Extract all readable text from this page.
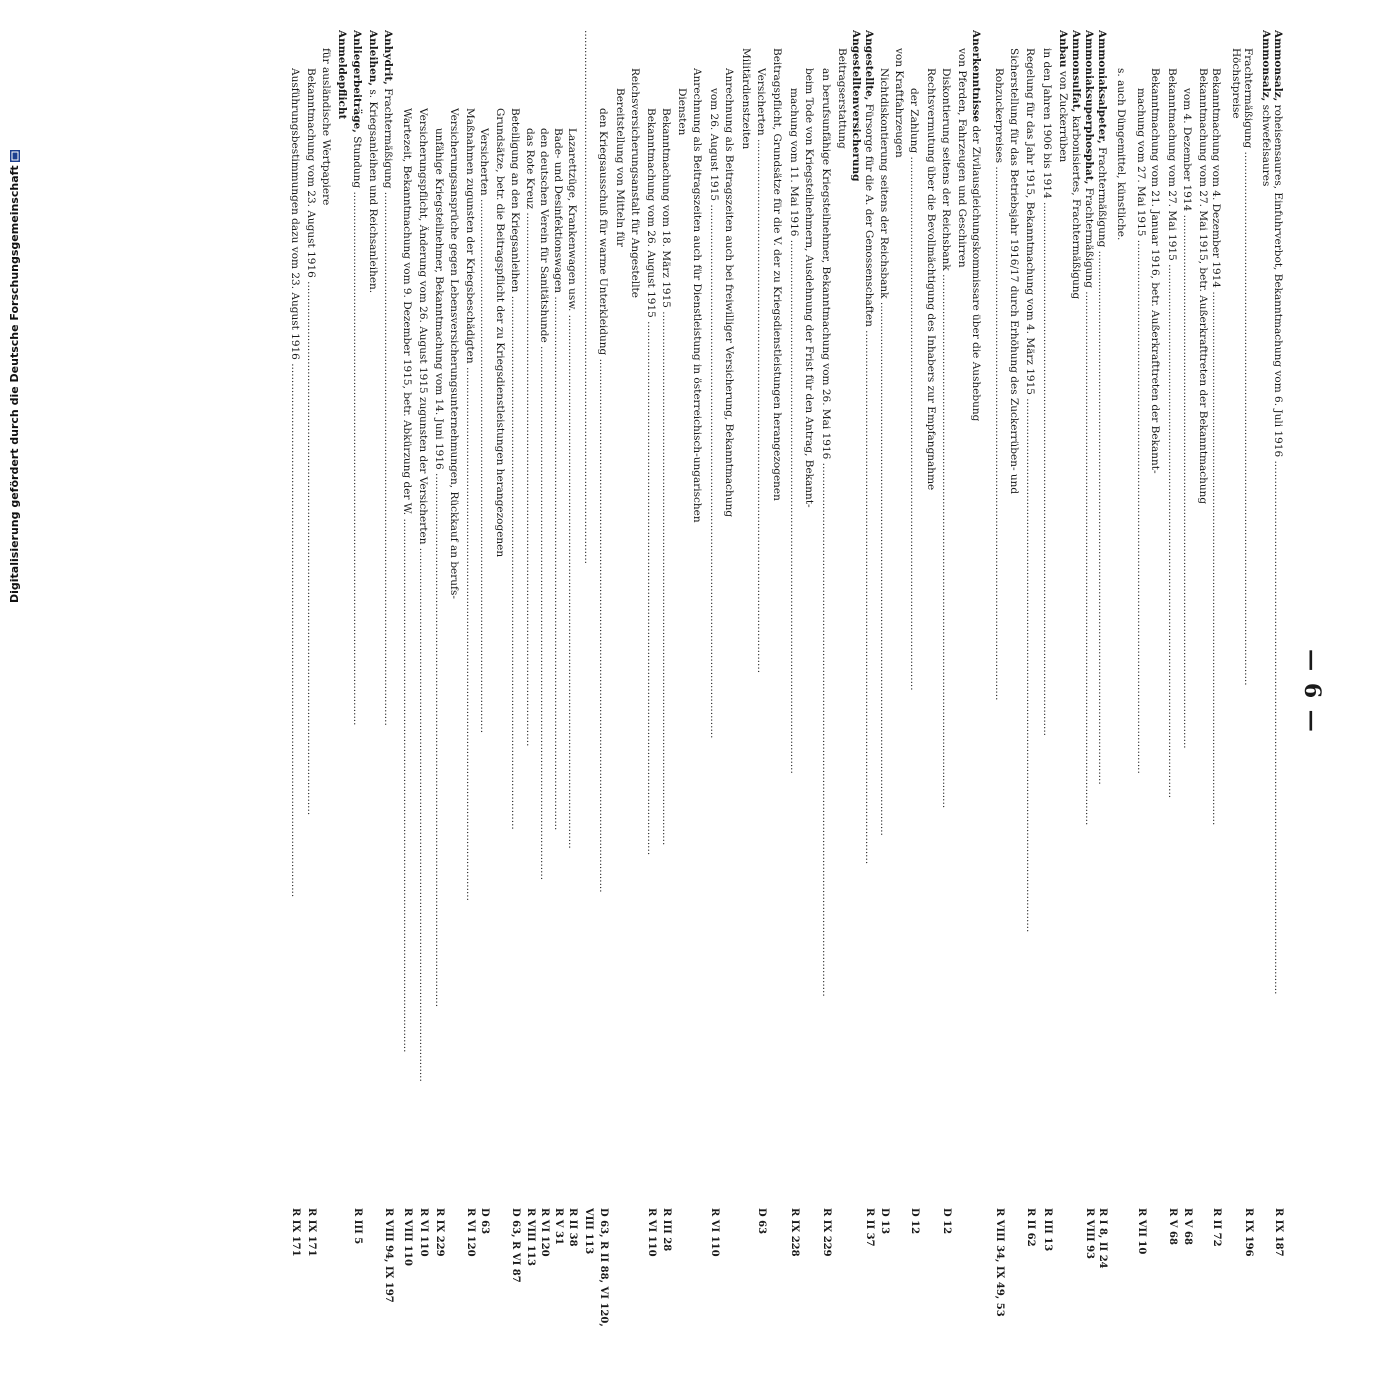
— 6 —
Ammonsalz, roheisensaures, Einfuhrverbot, Bekanntmachung vom 6. Juli 1916 ................................................................................................................................................................
R IX 187
Ammonsalz, schwefelsaures
Frachtermäßigung ................................................................................................................................................................
R IX 196
Höchstpreise
Bekanntmachung vom 4. Dezember 1914 ................................................................................................................................................................
R II 72
Bekanntmachung vom 27. Mai 1915, betr. Außerkrafttreten der Bekanntmachung
vom 4. Dezember 1914 ................................................................................................................................................................
R V 68
Bekanntmachung vom 27. Mai 1915 ................................................................................................................................................................
R V 68
Bekanntmachung vom 21. Januar 1916, betr. Außerkrafttreten der Bekannt-
machung vom 27. Mai 1915 ................................................................................................................................................................
R VII 10
s. auch Düngemittel, künstliche.
Ammoniaksalpeter, Frachtermäßigung ................................................................................................................................................................
R I 8, II 24
Ammoniaksuperphosphat, Frachtermäßigung ................................................................................................................................................................
R VIII 93
Ammonsulfat, karbonisiertes, Frachtermäßigung
Anbau von Zuckerrüben
in den Jahren 1906 bis 1914 ................................................................................................................................................................
R III 13
Regelung für das Jahr 1915, Bekanntmachung vom 4. März 1915 ................................................................................................................................................................
R II 62
Sicherstellung für das Betriebsjahr 1916/17 durch Erhöhung des Zuckerrüben- und
Rohzuckerpreises ................................................................................................................................................................
R VIII 34, IX 49, 53
Anerkenntnisse der Zivilausgleichungskommissare über die Aushebung
von Pferden, Fahrzeugen und Geschirren
Diskontierung seitens der Reichsbank ................................................................................................................................................................
D 12
Rechtsvermutung über die Bevollmächtigung des Inhabers zur Empfangnahme
der Zahlung ................................................................................................................................................................
D 12
von Kraftfahrzeugen
Nichtdiskontierung seitens der Reichsbank ................................................................................................................................................................
D 13
Angestellte, Fürsorge für die A. der Genossenschaften ................................................................................................................................................................
R II 37
Angestelltenversicherung
Beitragserstattung
an berufsunfähige Kriegsteilnehmer, Bekanntmachung vom 26. Mai 1916 ................................................................................................................................................................
R IX 229
beim Tode von Kriegsteilnehmern, Ausdehnung der Frist für den Antrag, Bekannt-
machung vom 11. Mai 1916 ................................................................................................................................................................
R IX 228
Beitragspflicht, Grundsätze für die V. der zu Kriegsdienstleistungen herangezogenen
Versicherten ................................................................................................................................................................
D 63
Militärdienstzeiten
Anrechnung als Beitragszeiten auch bei freiwilliger Versicherung, Bekanntmachung
vom 26. August 1915 ................................................................................................................................................................
R VI 110
Anrechnung als Beitragszeiten auch für Dienstleistung in österreichisch-ungarischen
Diensten
Bekanntmachung vom 18. März 1915 ................................................................................................................................................................
R III 28
Bekanntmachung vom 26. August 1915 ................................................................................................................................................................
R VI 110
Reichsversicherungsanstalt für Angestellte
Bereitstellung von Mitteln für
den Kriegsausschuß für warme Unterkleidung ................................................................................................................................................................
D 63, R II 88, VI 120,
................................................................................................................................................................
VIII 113
Lazarettzüge, Krankenwagen usw. ................................................................................................................................................................
R II 38
Bade- und Desinfektionswagen ................................................................................................................................................................
R V 31
den deutschen Verein für Sanitätshunde ................................................................................................................................................................
R VI 120
das Rote Kreuz ................................................................................................................................................................
R VIII 113
Beteiligung an den Kriegsanleihen ................................................................................................................................................................
D 63, R VI 87
Grundsätze, betr. die Beitragspflicht der zu Kriegsdienstleistungen herangezogenen
Versicherten ................................................................................................................................................................
D 63
Maßnahmen zugunsten der Kriegsbeschädigten ................................................................................................................................................................
R VI 120
Versicherungsansprüche gegen Lebensversicherungsunternehmungen, Rückkauf an berufs-
unfähige Kriegsteilnehmer, Bekanntmachung vom 14. Juni 1916 ................................................................................................................................................................
R IX 229
Versicherungspflicht, Änderung vom 26. August 1915 zugunsten der Versicherten ................................................................................................................................................................
R VI 110
Wartezeit, Bekanntmachung vom 9. Dezember 1915, betr. Abkürzung der W. ................................................................................................................................................................
R VIII 110
Anhydrit, Frachtermäßigung ................................................................................................................................................................
R VIII 94, IX 197
Anleihen, s. Kriegsanleihen und Reichsanleihen.
Anliegerbeiträge, Stundung ................................................................................................................................................................
R III 5
Anmeldepflicht
für ausländische Wertpapiere
Bekanntmachung vom 23. August 1916 ................................................................................................................................................................
R IX 171
Ausführungsbestimmungen dazu vom 23. August 1916 ................................................................................................................................................................
R IX 171
Digitalisierung gefördert durch die Deutsche Forschungsgemeinschaft
